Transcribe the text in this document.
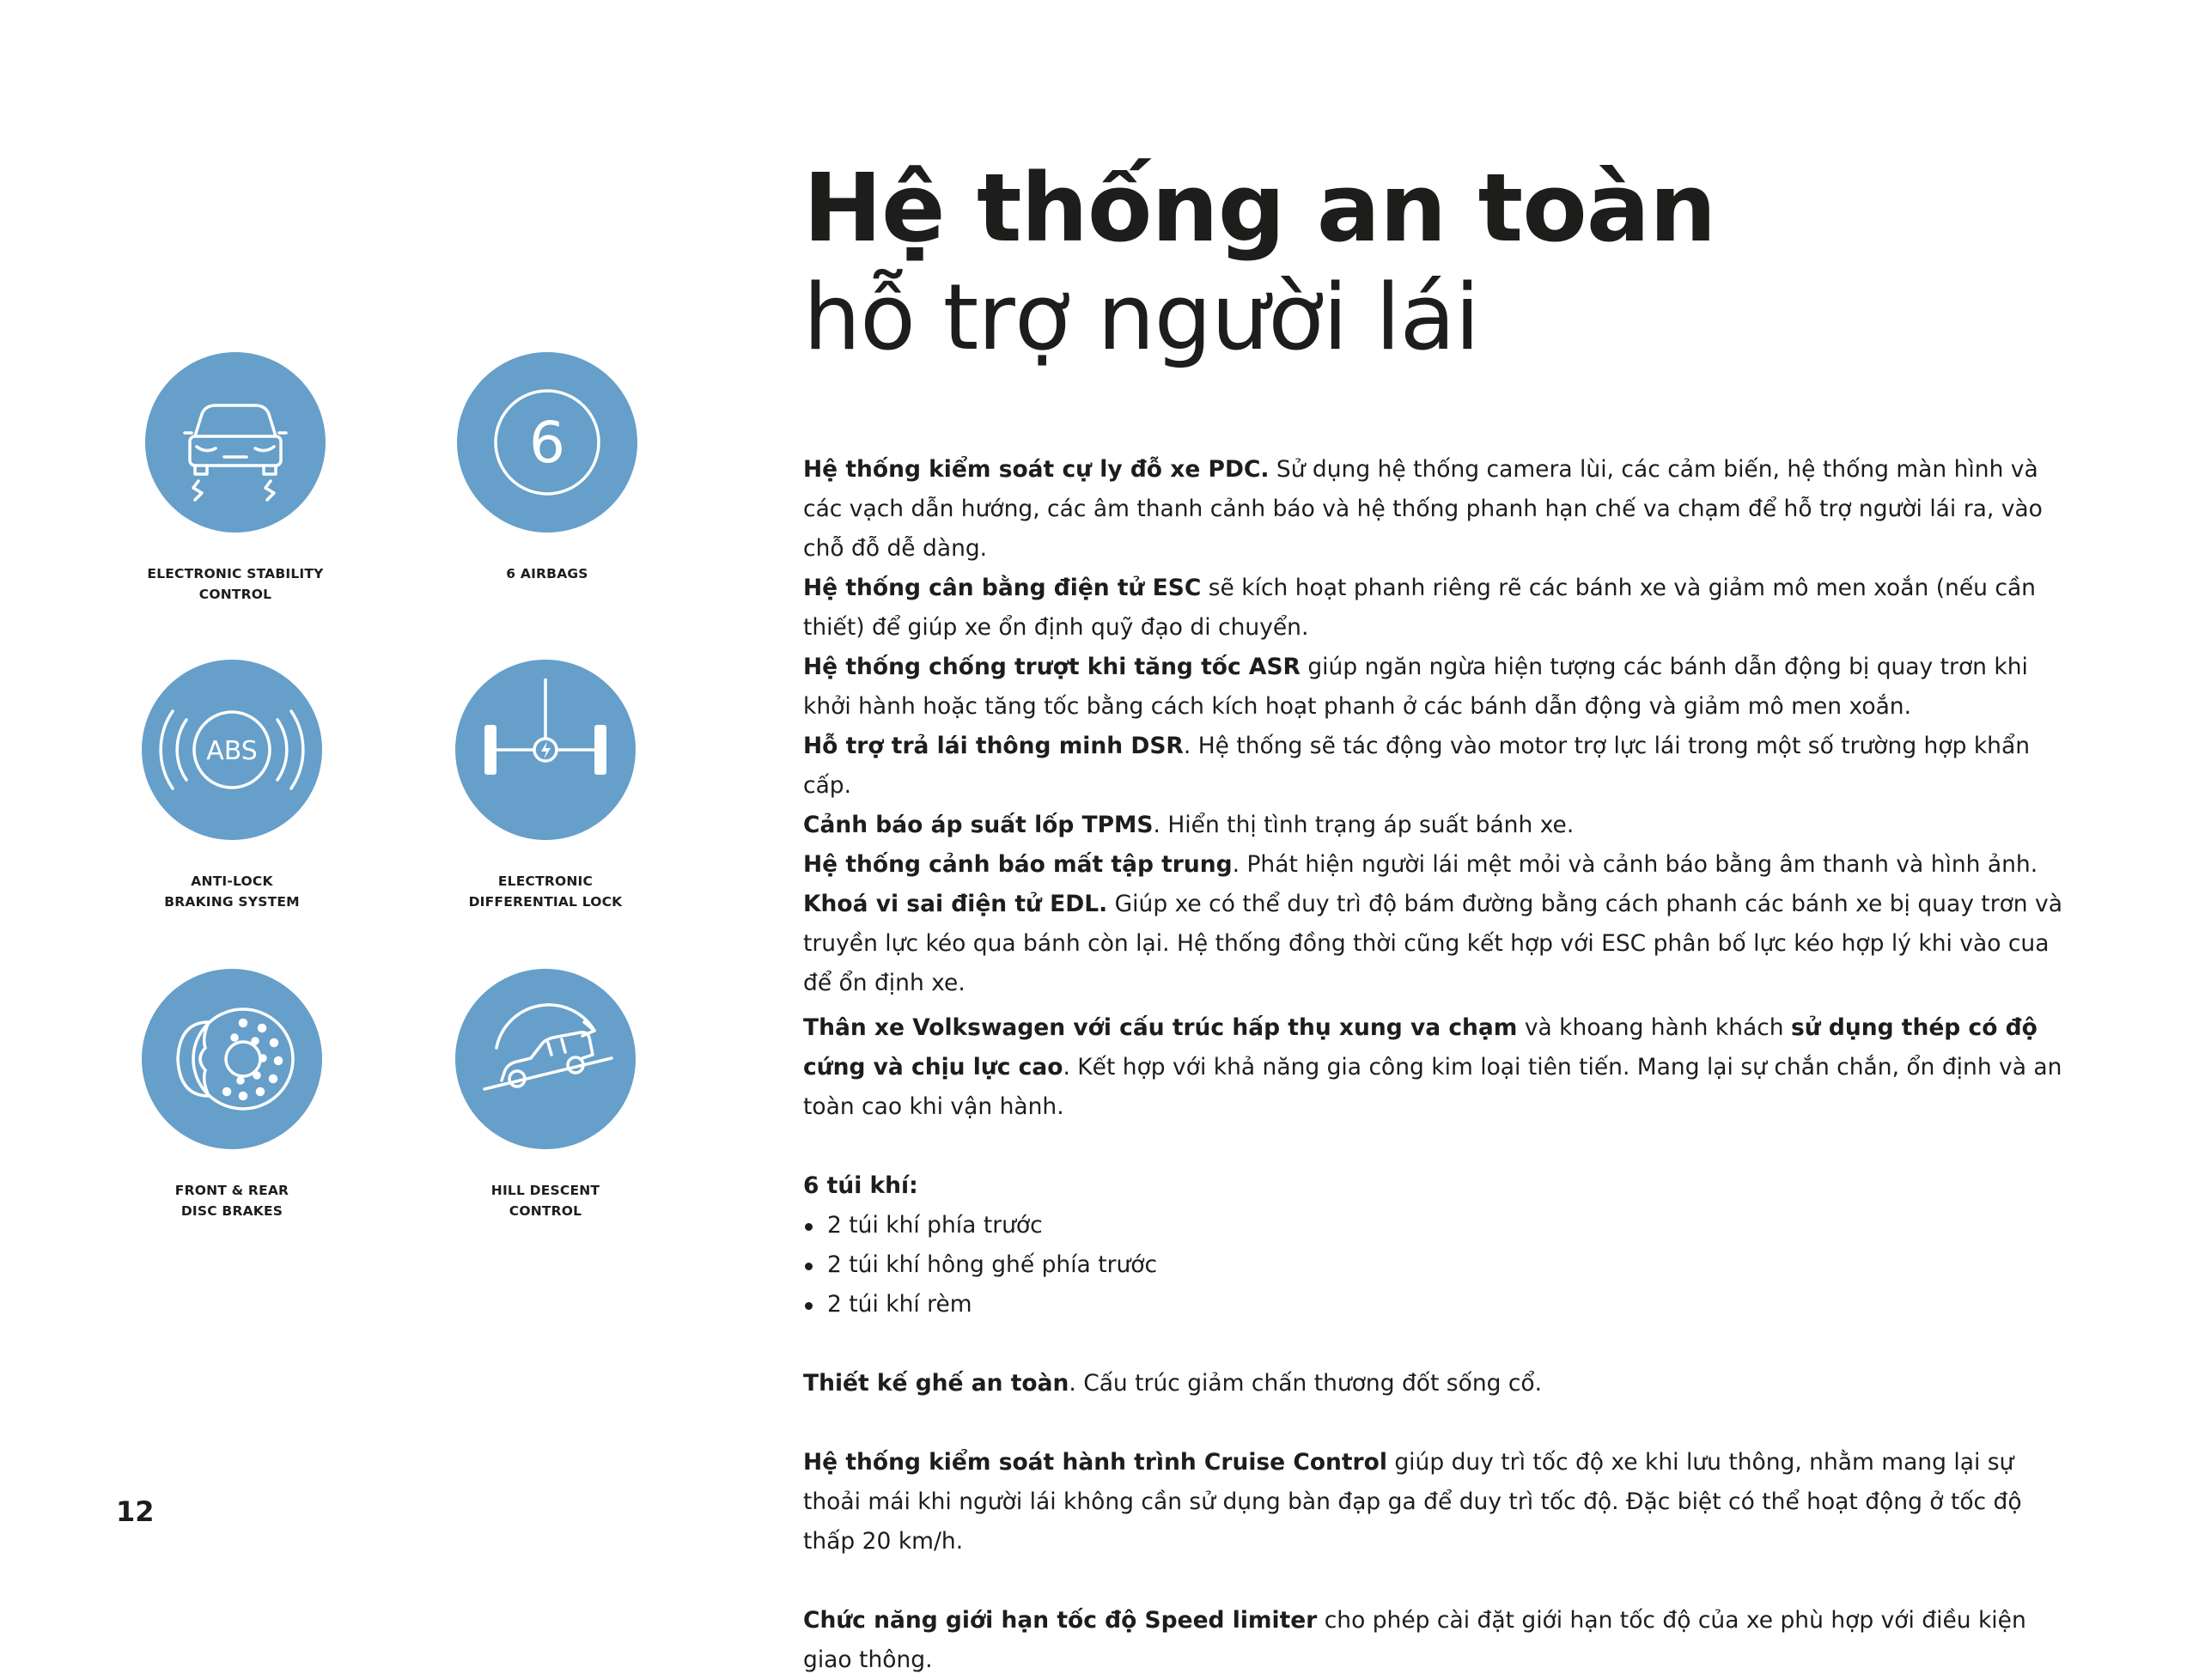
ELECTRONIC STABILITY
CONTROL
6
6 AIRBAGS
ABS
ANTI-LOCK
BRAKING SYSTEM
ELECTRONIC
DIFFERENTIAL LOCK
FRONT & REAR
DISC BRAKES
HILL DESCENT
CONTROL
Hệ thống an toàn
hỗ trợ người lái

Hệ thống kiểm soát cự ly đỗ xe PDC. Sử dụng hệ thống camera lùi, các cảm biến, hệ thống màn hình và các vạch dẫn hướng, các âm thanh cảnh báo và hệ thống phanh hạn chế va chạm để hỗ trợ người lái ra, vào chỗ đỗ dễ dàng.

Hệ thống cân bằng điện tử ESC sẽ kích hoạt phanh riêng rẽ các bánh xe và giảm mô men xoắn (nếu cần thiết) để giúp xe ổn định quỹ đạo di chuyển.

Hệ thống chống trượt khi tăng tốc ASR giúp ngăn ngừa hiện tượng các bánh dẫn động bị quay trơn khi khởi hành hoặc tăng tốc bằng cách kích hoạt phanh ở các bánh dẫn động và giảm mô men xoắn.

Hỗ trợ trả lái thông minh DSR. Hệ thống sẽ tác động vào motor trợ lực lái trong một số trường hợp khẩn cấp.

Cảnh báo áp suất lốp TPMS. Hiển thị tình trạng áp suất bánh xe.

Hệ thống cảnh báo mất tập trung. Phát hiện người lái mệt mỏi và cảnh báo bằng âm thanh và hình ảnh.

Khoá vi sai điện tử EDL. Giúp xe có thể duy trì độ bám đường bằng cách phanh các bánh xe bị quay trơn và truyền lực kéo qua bánh còn lại. Hệ thống đồng thời cũng kết hợp với ESC phân bố lực kéo hợp lý khi vào cua để ổn định xe.

Thân xe Volkswagen với cấu trúc hấp thụ xung va chạm và khoang hành khách sử dụng thép có độ cứng và chịu lực cao. Kết hợp với khả năng gia công kim loại tiên tiến. Mang lại sự chắn chắn, ổn định và an toàn cao khi vận hành.

6 túi khí:

2 túi khí phía trước
2 túi khí hông ghế phía trước
2 túi khí rèm

Thiết kế ghế an toàn. Cấu trúc giảm chấn thương đốt sống cổ.

Hệ thống kiểm soát hành trình Cruise Control giúp duy trì tốc độ xe khi lưu thông, nhằm mang lại sự thoải mái khi người lái không cần sử dụng bàn đạp ga để duy trì tốc độ. Đặc biệt có thể hoạt động ở tốc độ thấp 20 km/h.

Chức năng giới hạn tốc độ Speed limiter cho phép cài đặt giới hạn tốc độ của xe phù hợp với điều kiện giao thông.

12
